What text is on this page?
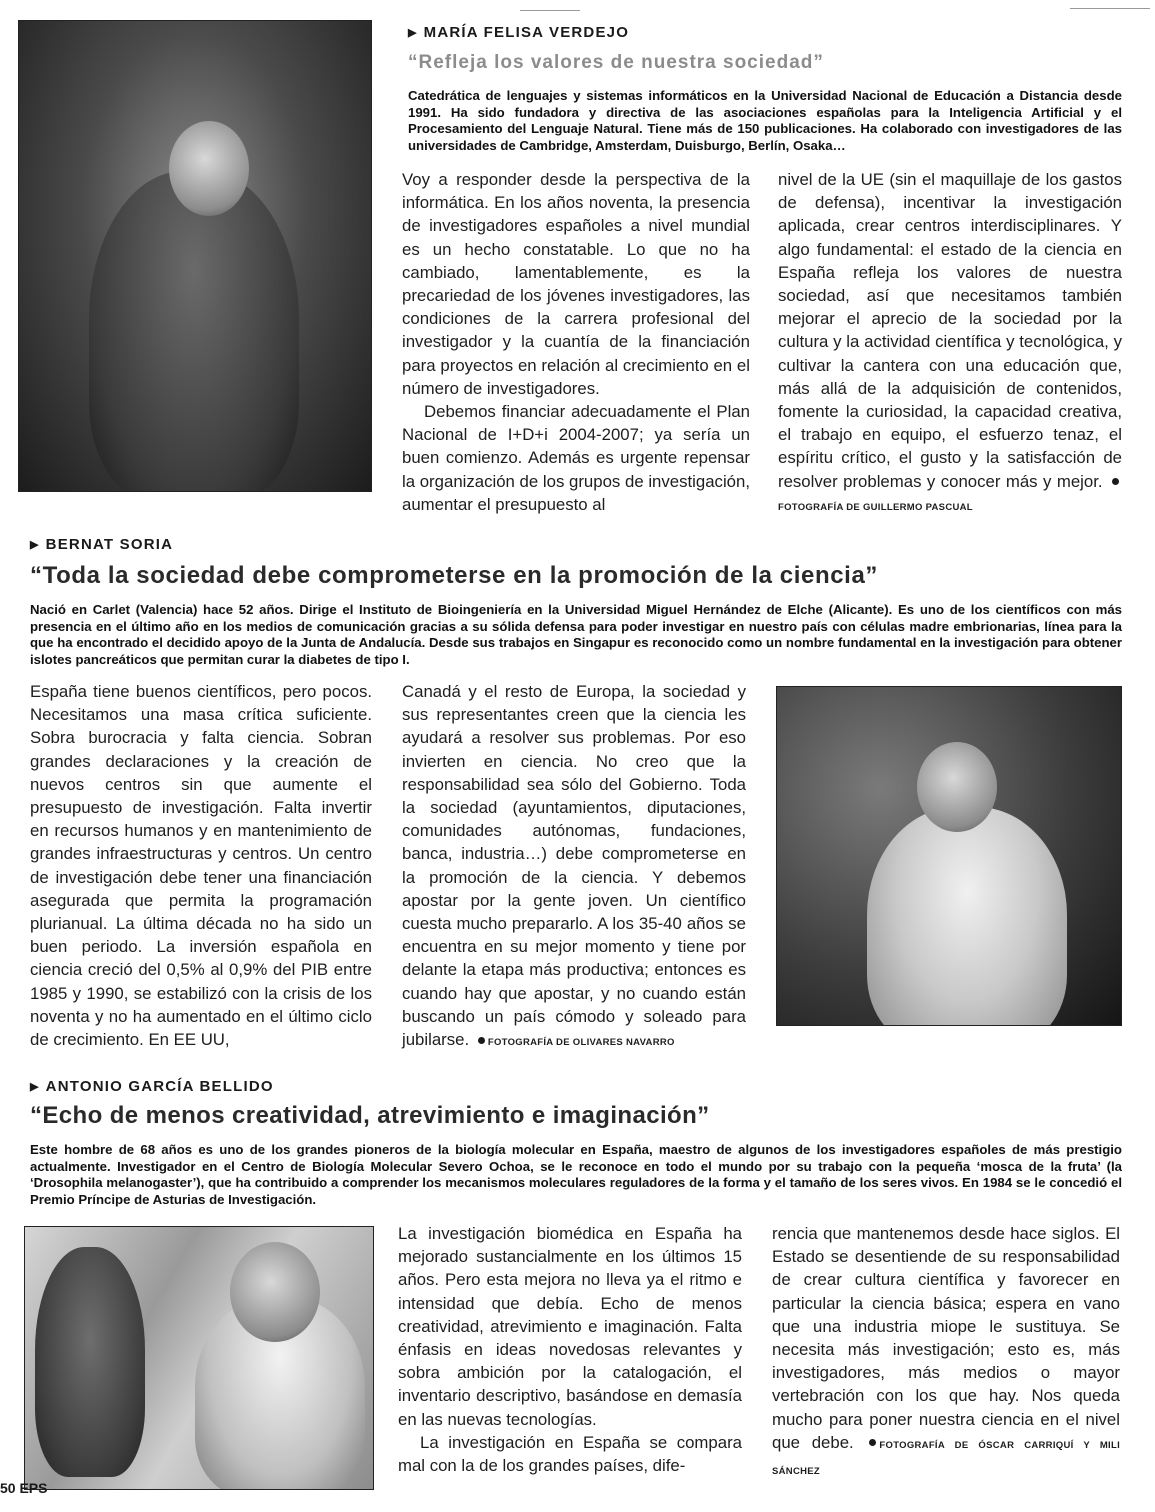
▶ MARÍA FELISA VERDEJO
“Refleja los valores de nuestra sociedad”
Catedrática de lenguajes y sistemas informáticos en la Universidad Nacional de Educación a Distancia desde 1991. Ha sido fundadora y directiva de las asociaciones españolas para la Inteligencia Artificial y el Procesamiento del Lenguaje Natural. Tiene más de 150 publicaciones. Ha colaborado con investigadores de las universidades de Cambridge, Amsterdam, Duisburgo, Berlín, Osaka…

Voy a responder desde la perspectiva de la informática. En los años noventa, la presencia de investigadores españoles a nivel mundial es un hecho constatable. Lo que no ha cambiado, lamentablemente, es la precariedad de los jóvenes investigadores, las condiciones de la carrera profesional del investigador y la cuantía de la financiación para proyectos en relación al crecimiento en el número de investigadores.

Debemos financiar adecuadamente el Plan Nacional de I+D+i 2004-2007; ya sería un buen comienzo. Además es urgente repensar la organización de los grupos de investigación, aumentar el presupuesto al

nivel de la UE (sin el maquillaje de los gastos de defensa), incentivar la investigación aplicada, crear centros interdisciplinares. Y algo fundamental: el estado de la ciencia en España refleja los valores de nuestra sociedad, así que necesitamos también mejorar el aprecio de la sociedad por la cultura y la actividad científica y tecnológica, y cultivar la cantera con una educación que, más allá de la adquisición de contenidos, fomente la curiosidad, la capacidad creativa, el trabajo en equipo, el esfuerzo tenaz, el espíritu crítico, el gusto y la satisfacción de resolver problemas y conocer más y mejor. FOTOGRAFÍA DE GUILLERMO PASCUAL
▶ BERNAT SORIA
“Toda la sociedad debe comprometerse en la promoción de la ciencia”
Nació en Carlet (Valencia) hace 52 años. Dirige el Instituto de Bioingeniería en la Universidad Miguel Hernández de Elche (Alicante). Es uno de los científicos con más presencia en el último año en los medios de comunicación gracias a su sólida defensa para poder investigar en nuestro país con células madre embrionarias, línea para la que ha encontrado el decidido apoyo de la Junta de Andalucía. Desde sus trabajos en Singapur es reconocido como un nombre fundamental en la investigación para obtener islotes pancreáticos que permitan curar la diabetes de tipo I.
España tiene buenos científicos, pero pocos. Necesitamos una masa crítica suficiente. Sobra burocracia y falta ciencia. Sobran grandes declaraciones y la creación de nuevos centros sin que aumente el presupuesto de investigación. Falta invertir en recursos humanos y en mantenimiento de grandes infraestructuras y centros. Un centro de investigación debe tener una financiación asegurada que permita la programación plurianual. La última década no ha sido un buen periodo. La inversión española en ciencia creció del 0,5% al 0,9% del PIB entre 1985 y 1990, se estabilizó con la crisis de los noventa y no ha aumentado en el último ciclo de crecimiento. En EE UU,
Canadá y el resto de Europa, la sociedad y sus representantes creen que la ciencia les ayudará a resolver sus problemas. Por eso invierten en ciencia. No creo que la responsabilidad sea sólo del Gobierno. Toda la sociedad (ayuntamientos, diputaciones, comunidades autónomas, fundaciones, banca, industria…) debe comprometerse en la promoción de la ciencia. Y debemos apostar por la gente joven. Un científico cuesta mucho prepararlo. A los 35-40 años se encuentra en su mejor momento y tiene por delante la etapa más productiva; entonces es cuando hay que apostar, y no cuando están buscando un país cómodo y soleado para jubilarse. FOTOGRAFÍA DE OLIVARES NAVARRO
▶ ANTONIO GARCÍA BELLIDO
“Echo de menos creatividad, atrevimiento e imaginación”
Este hombre de 68 años es uno de los grandes pioneros de la biología molecular en España, maestro de algunos de los investigadores españoles de más prestigio actualmente. Investigador en el Centro de Biología Molecular Severo Ochoa, se le reconoce en todo el mundo por su trabajo con la pequeña ‘mosca de la fruta’ (la ‘Drosophila melanogaster’), que ha contribuido a comprender los mecanismos moleculares reguladores de la forma y el tamaño de los seres vivos. En 1984 se le concedió el Premio Príncipe de Asturias de Investigación.

La investigación biomédica en España ha mejorado sustancialmente en los últimos 15 años. Pero esta mejora no lleva ya el ritmo e intensidad que debía. Echo de menos creatividad, atrevimiento e imaginación. Falta énfasis en ideas novedosas relevantes y sobra ambición por la catalogación, el inventario descriptivo, basándose en demasía en las nuevas tecnologías.

La investigación en España se compara mal con la de los grandes países, dife-

rencia que mantenemos desde hace siglos. El Estado se desentiende de su responsabilidad de crear cultura científica y favorecer en particular la ciencia básica; espera en vano que una industria miope le sustituya. Se necesita más investigación; esto es, más investigadores, más medios o mayor vertebración con los que hay. Nos queda mucho para poner nuestra ciencia en el nivel que debe.	FOTOGRAFÍA DE ÓSCAR CARRIQUÍ Y MILI SÁNCHEZ
50 EPS
